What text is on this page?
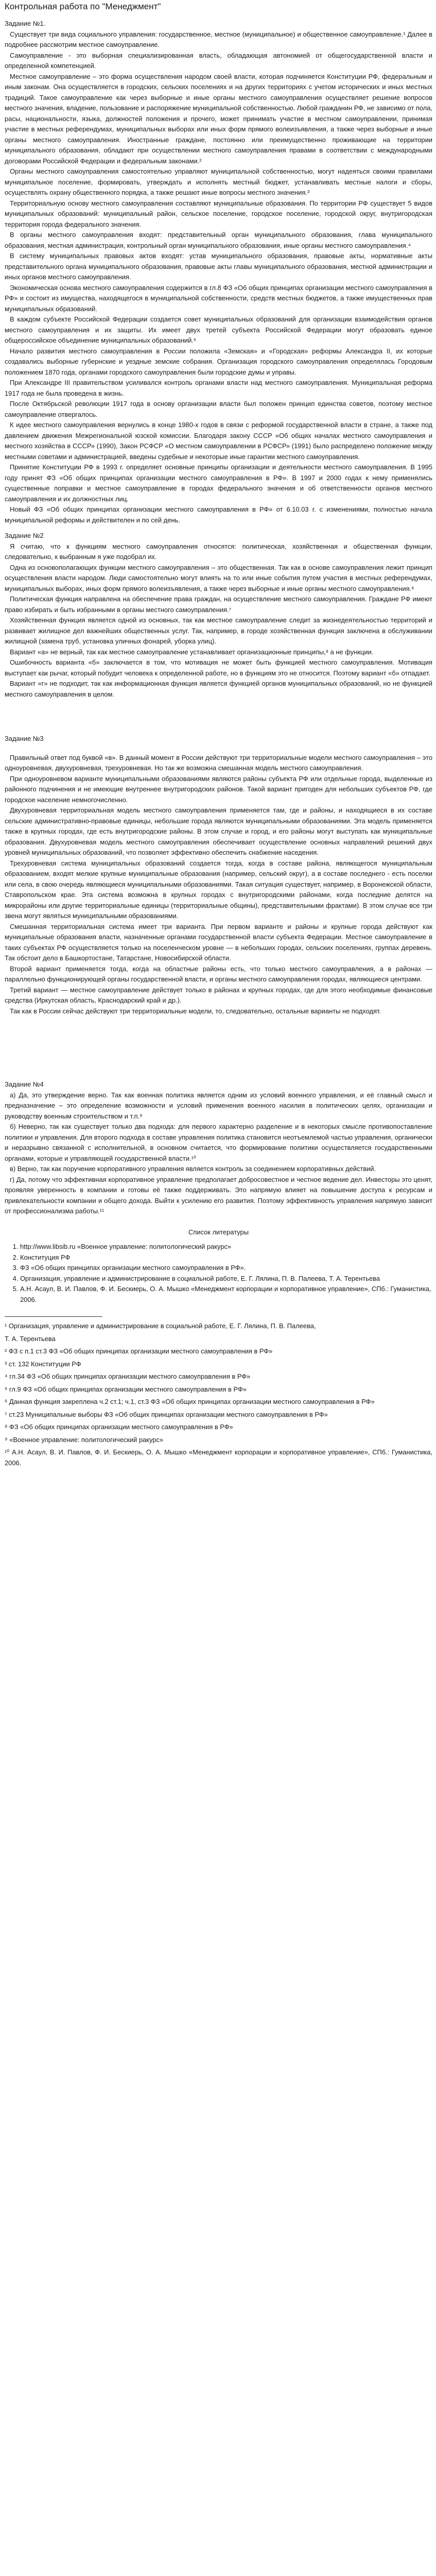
Контрольная работа по "Менеджмент"
Задание №1.

Существует три вида социального управления: государственное, местное (муниципальное) и общественное самоуправление.¹ Далее в подробнее рассмотрим местное самоуправление.

Самоуправление - это выборная специализированная власть, обладающая автономией от общегосударственной власти и определенной компетенцией.

Местное самоуправление – это форма осуществления народом своей власти, которая подчиняется Конституции РФ, федеральным и иным законам. Она осуществляется в городских, сельских поселениях и на других территориях с учетом исторических и иных местных традиций. Такое самоуправление как через выборные и иные органы местного самоуправления осуществляет решение вопросов местного значения, владение, пользование и распоряжение муниципальной собственностью. Любой гражданин РФ, не зависимо от пола, расы, национальности, языка, должностей положения и прочего, может принимать участие в местном самоуправлении, принимая участие в местных референдумах, муниципальных выборах или иных форм прямого волеизъявления, а также через выборные и иные органы местного самоуправления. Иностранные граждане, постоянно или преимущественно проживающие на территории муниципального образования, обладают при осуществлении местного самоуправления правами в соответствии с международными договорами Российской Федерации и федеральным законами.²

Органы местного самоуправления самостоятельно управляют муниципальной собственностью, могут надеяться своими правилами муниципальное поселение, формировать, утверждать и исполнять местный бюджет, устанавливать местные налоги и сборы, осуществлять охрану общественного порядка, а также решают иные вопросы местного значения.³

Территориальную основу местного самоуправления составляют муниципальные образования. По территории РФ существует 5 видов муниципальных образований: муниципальный район, сельское поселение, городское поселение, городской округ, внутригородская территория города федерального значения.

В органы местного самоуправления входят: представительный орган муниципального образования, глава муниципального образования, местная администрация, контрольный орган муниципального образования, иные органы местного самоуправления.⁴

В систему муниципальных правовых актов входят: устав муниципального образования, правовые акты, нормативные акты представительного органа муниципального образования, правовые акты главы муниципального образования, местной администрации и иных органов местного самоуправления.

Экономическая основа местного самоуправления содержится в гл.8 ФЗ «Об общих принципах организации местного самоуправления в РФ» и состоит из имущества, находящегося в муниципальной собственности, средств местных бюджетов, а также имущественных прав муниципальных образований.

В каждом субъекте Российской Федерации создается совет муниципальных образований для организации взаимодействия органов местного самоуправления и их защиты. Их имеет двух третей субъекта Российской Федерации могут образовать единое общероссийское объединение муниципальных образований.⁵

Начало развития местного самоуправления в России положила «Земская» и «Городская» реформы Александра II, их которые создавались выборные губернские и уездные земские собрания. Организация городского самоуправления определялась Городовым положением 1870 года, органами городского самоуправления были городские думы и управы.

При Александре III правительством усиливался контроль органами власти над местного самоуправления. Муниципальная реформа 1917 года не была проведена в жизнь.

После Октябрьской революции 1917 года в основу организации власти был положен принцип единства советов, поэтому местное самоуправление отвергалось.

К идее местного самоуправления вернулись в конце 1980-х годов в связи с реформой государственной власти в стране, а также под давлением движения Межрегиональной юзской комиссии. Благодаря закону СССР «Об общих началах местного самоуправления и местного хозяйства в СССР» (1990), Закон РСФСР «О местном самоуправлении в РСФСР» (1991) было распределено положение между местными советами и администрацией, введены судебные и некоторые иные гарантии местного самоуправления.

Принятие Конституции РФ в 1993 г. определяет основные принципы организации и деятельности местного самоуправления. В 1995 году принят ФЗ «Об общих принципах организации местного самоуправления в РФ». В 1997 и 2000 годах к нему применялись существенные поправки и местное самоуправление в городах федерального значения и об ответственности органов местного самоуправления и их должностных лиц.

Новый ФЗ «Об общих принципах организации местного самоуправления в РФ» от 6.10.03 г. с изменениями, полностью начала муниципальной реформы и действителен и по сей день.

Задание №2

Я считаю, что к функциям местного самоуправления относятся: политическая, хозяйственная и общественная функции, следовательно, к выбранным я уже подобрал их.

Одна из основополагающих функции местного самоуправления – это общественная. Так как в основе самоуправления лежит принцип осуществления власти народом. Люди самостоятельно могут влиять на то или иные события путем участия в местных референдумах, муниципальных выборах, иных форм прямого волеизъявления, а также через выборные и иные органы местного самоуправления.⁶

Политическая функция направлена на обеспечение права граждан, на осуществление местного самоуправления. Граждане РФ имеют право избирать и быть избранными в органы местного самоуправления.⁷

Хозяйственная функция является одной из основных, так как местное самоуправление следит за жизнедеятельностью территорий и развивает жилищное дел важнейших общественных услуг. Так, например, в городе хозяйственная функция заключена в обслуживании жилищной (замена труб, установка уличных фонарей, уборка улиц).

Вариант «а» не верный, так как местное самоуправление устанавливает организационные принципы,⁸ а не функции.

Ошибочность варианта «б» заключается в том, что мотивация не может быть функцией местного самоуправления. Мотивация выступает как рычаг, который побудит человека к определенной работе, но в функциям это не относится. Поэтому вариант «б» отпадает.

Вариант «г» не подходит, так как информационная функция является функцией органов муниципальных образований, но не функцией местного самоуправления в целом.

Задание №3

Правильный ответ под буквой «в». В данный момент в России действуют три территориальные модели местного самоуправления – это одноуровневая, двухуровневая, трехуровневая. Но так же возможна смешанная модель местного самоуправления.

При одноуровневом варианте муниципальными образованиями являются районы субъекта РФ или отдельные города, выделенные из районного подчинения и не имеющие внутреннее внутригородских районов. Такой вариант пригоден для небольших субъектов РФ, где городское население немногочисленно.

Двухуровневая территориальная модель местного самоуправления применяется там, где и районы, и находящиеся в их составе сельские административно-правовые единицы, небольшие города являются муниципальными образованиями. Эта модель применяется также в крупных городах, где есть внутригородские районы. В этом случае и город, и его районы могут выступать как муниципальные образования. Двухуровневая модель местного самоуправления обеспечивает осуществление основных направлений решений двух уровней муниципальных образований, что позволяет эффективно обеспечить снабжение наседения.

Трехуровневая система муниципальных образований создается тогда, когда в составе района, являющегося муниципальным образованием, входят мелкие крупные муниципальные образования (например, сельский округ), а в составе последнего - есть поселки или села, в свою очередь являющиеся муниципальными образованиями. Такая ситуация существует, например, в Воронежской области, Ставропольском крае. Эта система возможна в крупных городах с внутригородскими районами, когда последние делятся на микрорайоны или другие территориальные единицы (территориальные общины), представительными фрактами). В этом случае все три звена могут являться муниципальными образованиями.

Смешанная территориальная система имеет три варианта. При первом варианте и районы и крупные города действуют как муниципальные образования власти, назначенные органами государственной власти субъекта Федерации. Местное самоуправление в таких субъектах РФ осуществляется только на поселенческом уровне — в небольших городах, сельских поселениях, группах деревень. Так обстоит дело в Башкортостане, Татарстане, Новосибирской области.

Второй вариант применяется тогда, когда на областные районы есть, что только местного самоуправления, а в районах — параллельно функционирующей органы государственной власти, и органы местного самоуправления городах, являющиеся центрами.

Третий вариант — местное самоуправление действует только в районах и крупных городах, где для этого необходимые финансовые средства (Иркутская область, Краснодарский край и др.).

Так как в России сейчас действуют три территориальные модели, то, следовательно, остальные варианты не подходят.

Задание №4

а) Да, это утверждение верно. Так как военная политика является одним из условий военного управления, и её главный смысл и предназначение – это определение возможности и условий применения военного насилия в политических целях, организации и руководству военным строительством и т.п.⁹

б) Неверно, так как существует только два подхода: для первого характерно разделение и в некоторых смысле противопоставление политики и управления. Для второго подхода в составе управления политика становится неотъемлемой частью управления, органически и неразрывно связанной с исполнительной, в основном считается, что формирование политики осуществляется государственными органами, которые и управляющей государственной власти.¹⁰

в) Верно, так как поручение корпоративного управления является контроль за соединением корпоративных действий.

г) Да, потому что эффективная корпоративное управление предполагает добросовестное и честное ведение дел. Инвесторы это ценят, проявляя уверенность в компании и готовы её также поддерживать. Это напрямую влияет на повышение доступа к ресурсам и привлекательности компании и общего дохода. Выйти к усилению его развития. Поэтому эффективность управления напрямую зависит от профессионализма работы.¹¹

Список литературы
1. http://www.libsib.ru «Военное управление: политологический ракурс»
2. Конституция РФ
3. ФЗ «Об общих принципах организации местного самоуправления в РФ».
4. Организация, управление и администрирование в социальной работе, Е. Г. Лялина, П. В. Палеева, Т. А. Терентьева
5. А.Н. Асаул, В. И. Павлов, Ф. И. Бескиерь, О. А. Мышко «Менеджмент корпорации и корпоративное управление», СПб.: Гуманистика, 2006.

¹ Организация, управление и администрирование в социальной работе, Е. Г. Лялина, П. В. Палеева,

Т. А. Терентьева

² ФЗ с п.1 ст.3 ФЗ «Об общих принципах организации местного самоуправления в РФ»

³ ст. 132 Конституции РФ

⁴ гл.34 ФЗ «Об общих принципах организации местного самоуправления в РФ»

⁵ гл.9 ФЗ «Об общих принципах организации местного самоуправления в РФ»

⁶ Данная функция закреплена ч.2 ст.1; ч.1, ст.3 ФЗ «Об общих принципах организации местного самоуправления в РФ»

⁷ ст.23 Муниципальные выборы ФЗ «Об общих принципах организации местного самоуправления в РФ»

⁸ ФЗ «Об общих принципах организации местного самоуправления в РФ»

⁹ «Военное управление: политологический ракурс»

¹⁰ А.Н. Асаул, В. И. Павлов, Ф. И. Бескиерь, О. А. Мышко «Менеджмент корпорации и корпоративное управление», СПб.: Гуманистика, 2006.
